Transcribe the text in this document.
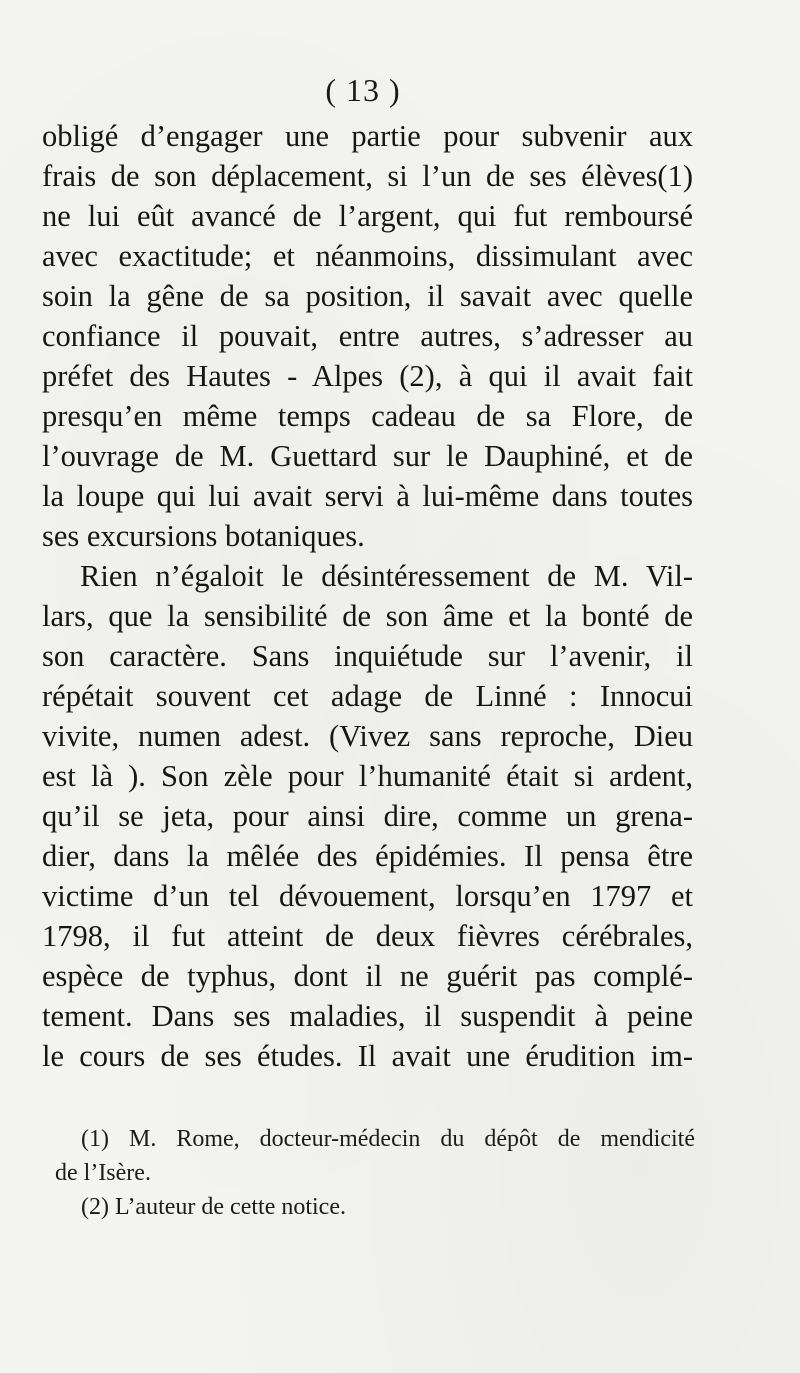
( 13 )
obligé d’engager une partie pour subvenir aux
frais de son déplacement, si l’un de ses élèves(1)
ne lui eût avancé de l’argent, qui fut remboursé
avec exactitude; et néanmoins, dissimulant avec
soin la gêne de sa position, il savait avec quelle
confiance il pouvait, entre autres, s’adresser au
préfet des Hautes - Alpes (2), à qui il avait fait
presqu’en même temps cadeau de sa Flore, de
l’ouvrage de M. Guettard sur le Dauphiné, et de
la loupe qui lui avait servi à lui-même dans toutes
ses excursions botaniques.
Rien n’égaloit le désintéressement de M. Vil-
lars, que la sensibilité de son âme et la bonté de
son caractère. Sans inquiétude sur l’avenir, il
répétait souvent cet adage de Linné : Innocui
vivite, numen adest. (Vivez sans reproche, Dieu
est là ). Son zèle pour l’humanité était si ardent,
qu’il se jeta, pour ainsi dire, comme un grena-
dier, dans la mêlée des épidémies. Il pensa être
victime d’un tel dévouement, lorsqu’en 1797 et
1798, il fut atteint de deux fièvres cérébrales,
espèce de typhus, dont il ne guérit pas complé-
tement. Dans ses maladies, il suspendit à peine
le cours de ses études. Il avait une érudition im-
(1) M. Rome, docteur-médecin du dépôt de mendicité
de l’Isère.
(2) L’auteur de cette notice.
